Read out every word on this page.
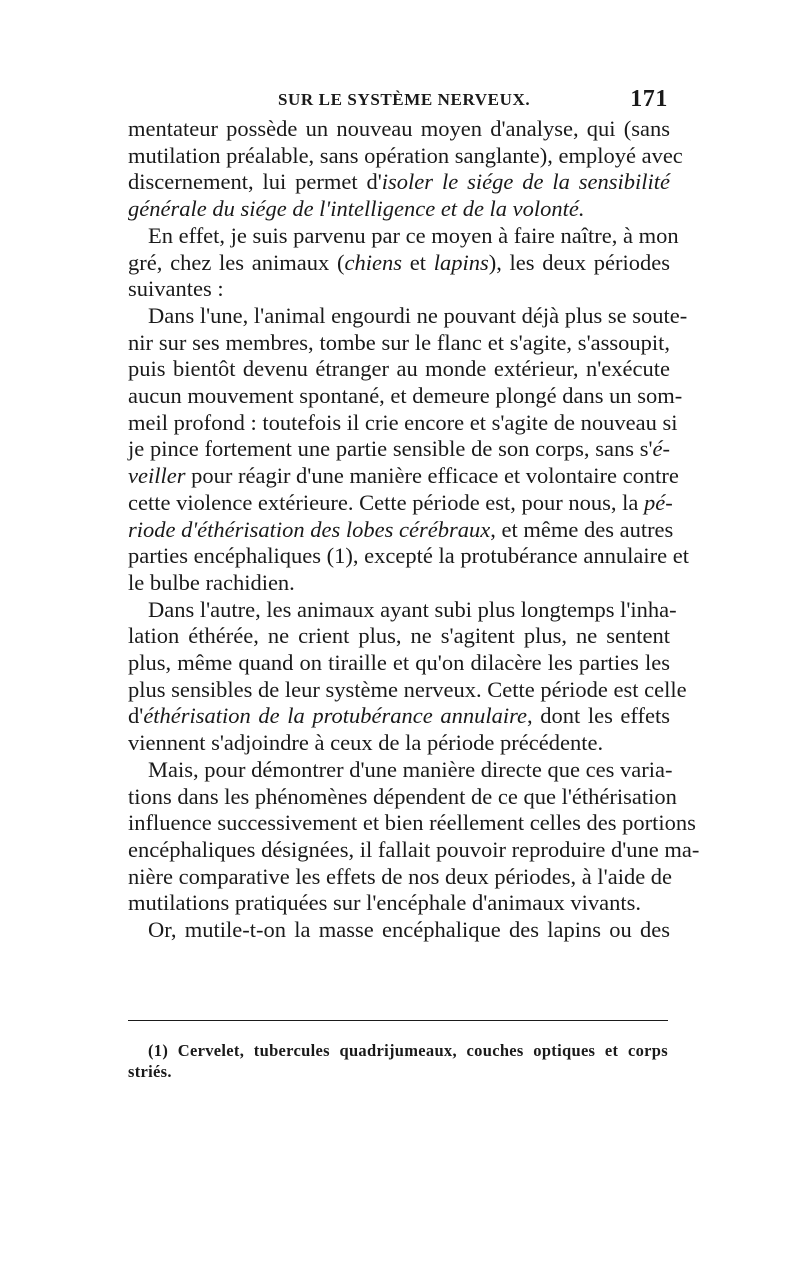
SUR LE SYSTÈME NERVEUX.	171

mentateur possède un nouveau moyen d'analyse, qui (sans
mutilation préalable, sans opération sanglante), employé avec
discernement, lui permet d'isoler le siége de la sensibilité
générale du siége de l'intelligence et de la volonté.

En effet, je suis parvenu par ce moyen à faire naître, à mon
gré, chez les animaux (chiens et lapins), les deux périodes
suivantes :

Dans l'une, l'animal engourdi ne pouvant déjà plus se soute-
nir sur ses membres, tombe sur le flanc et s'agite, s'assoupit,
puis bientôt devenu étranger au monde extérieur, n'exécute
aucun mouvement spontané, et demeure plongé dans un som-
meil profond : toutefois il crie encore et s'agite de nouveau si
je pince fortement une partie sensible de son corps, sans s'é-
veiller pour réagir d'une manière efficace et volontaire contre
cette violence extérieure. Cette période est, pour nous, la pé-
riode d'éthérisation des lobes cérébraux, et même des autres
parties encéphaliques (1), excepté la protubérance annulaire et
le bulbe rachidien.

Dans l'autre, les animaux ayant subi plus longtemps l'inha-
lation éthérée, ne crient plus, ne s'agitent plus, ne sentent
plus, même quand on tiraille et qu'on dilacère les parties les
plus sensibles de leur système nerveux. Cette période est celle
d'éthérisation de la protubérance annulaire, dont les effets
viennent s'adjoindre à ceux de la période précédente.

Mais, pour démontrer d'une manière directe que ces varia-
tions dans les phénomènes dépendent de ce que l'éthérisation
influence successivement et bien réellement celles des portions
encéphaliques désignées, il fallait pouvoir reproduire d'une ma-
nière comparative les effets de nos deux périodes, à l'aide de
mutilations pratiquées sur l'encéphale d'animaux vivants.

Or, mutile-t-on la masse encéphalique des lapins ou des

(1) Cervelet, tubercules quadrijumeaux, couches optiques et corps
striés.
